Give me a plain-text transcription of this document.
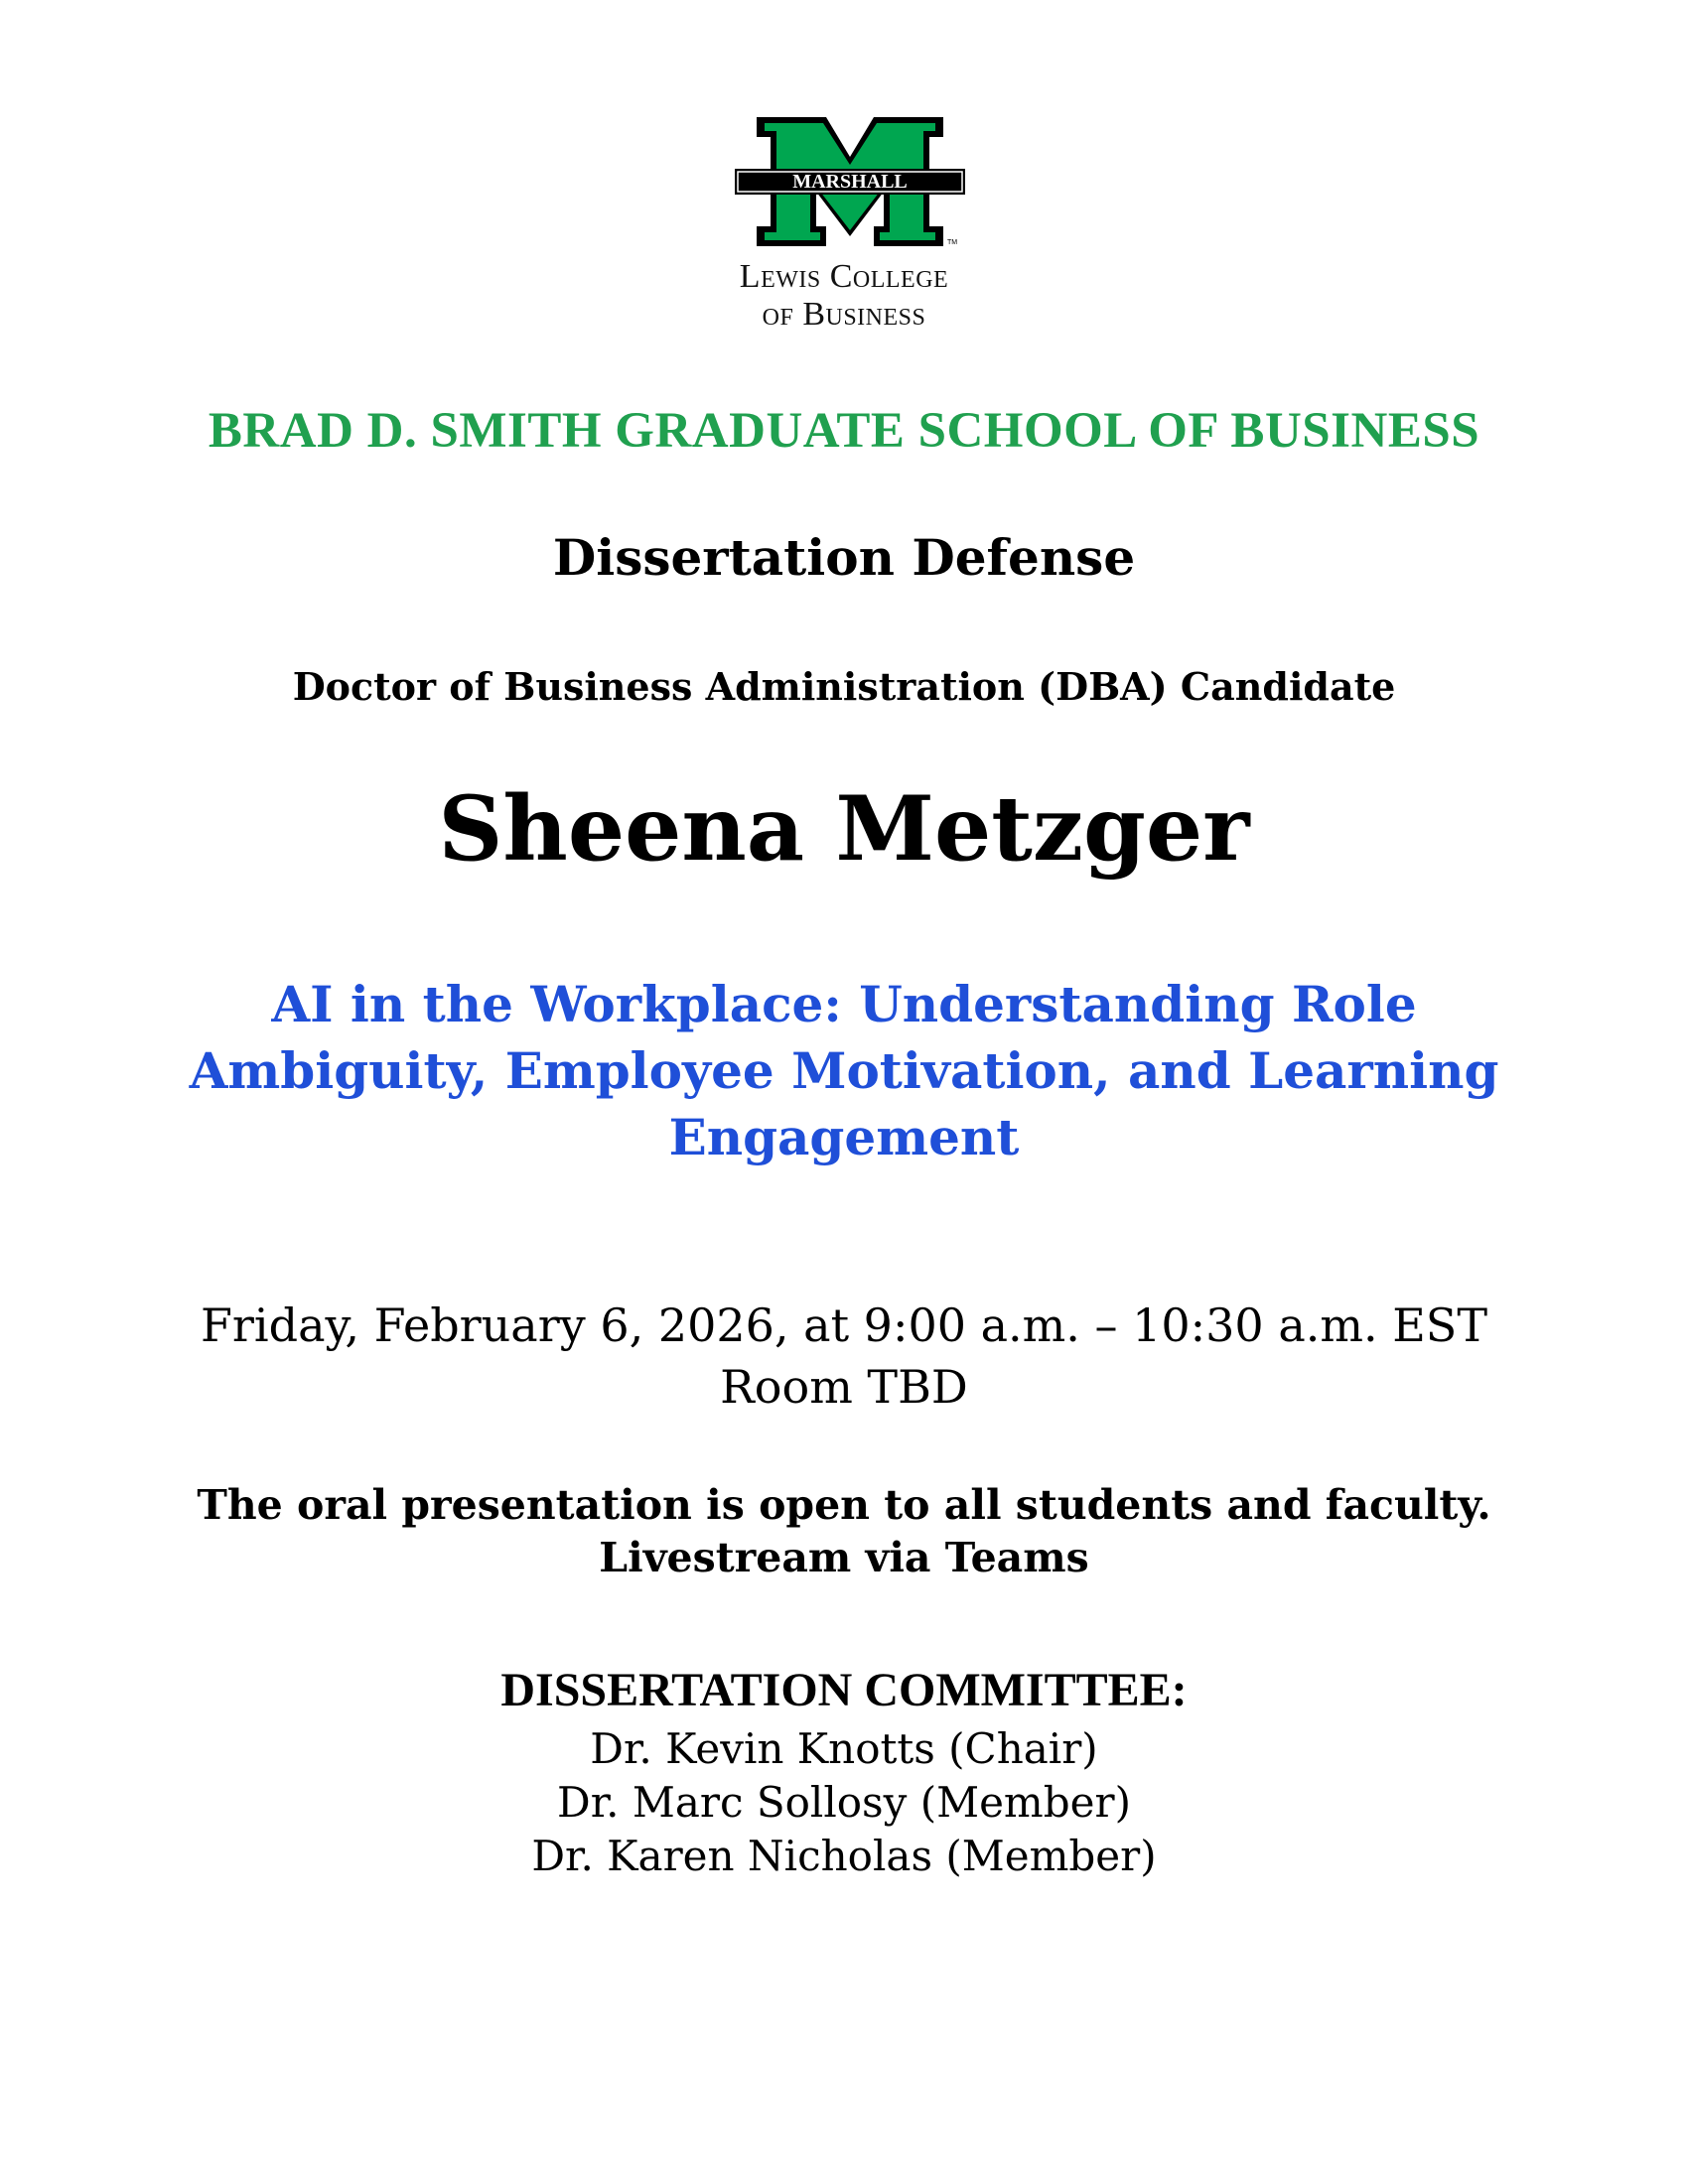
MARSHALL
TM
Lewis College
of Business
BRAD D. SMITH GRADUATE SCHOOL OF BUSINESS
Dissertation Defense
Doctor of Business Administration (DBA) Candidate
Sheena Metzger
AI in the Workplace: Understanding Role
Ambiguity, Employee Motivation, and Learning
Engagement
Friday, February 6, 2026, at 9:00 a.m. – 10:30 a.m. EST
Room TBD
The oral presentation is open to all students and faculty.
Livestream via Teams
DISSERTATION COMMITTEE:
Dr. Kevin Knotts (Chair)
Dr. Marc Sollosy (Member)
Dr. Karen Nicholas (Member)
